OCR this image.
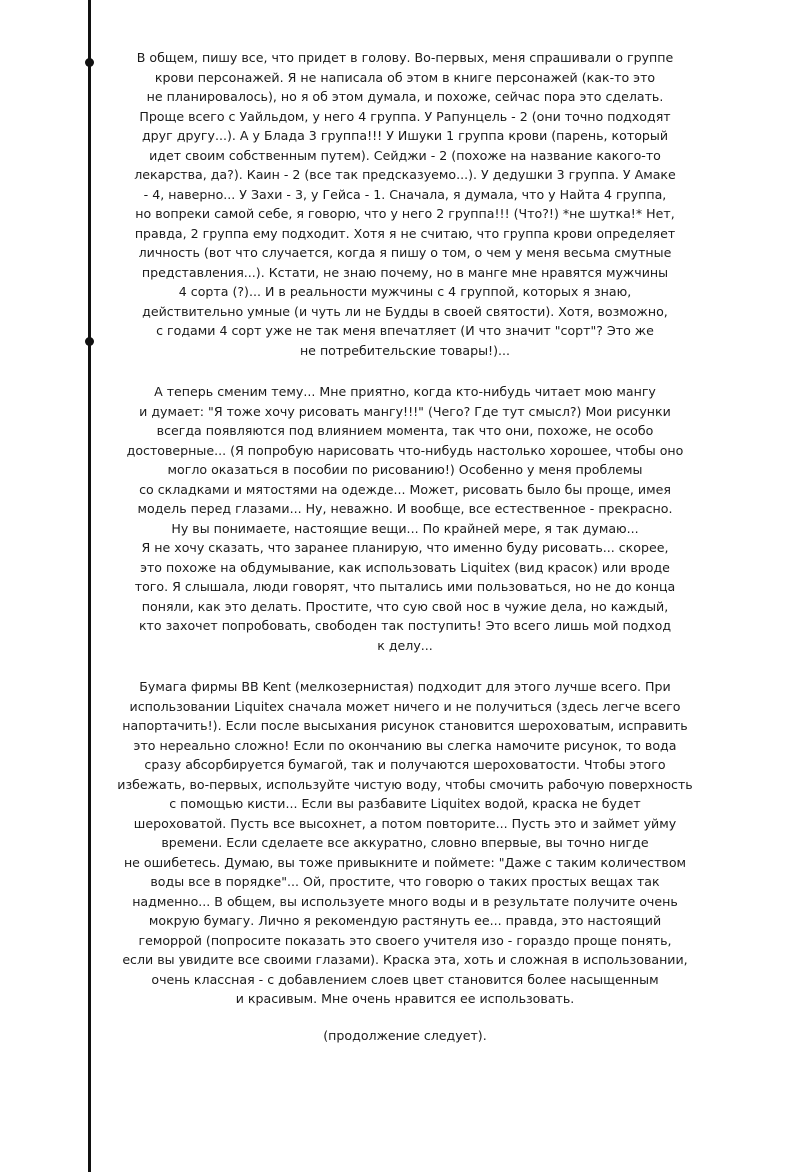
В общем, пишу все, что придет в голову. Во-первых, меня спрашивали о группе
крови персонажей. Я не написала об этом в книге персонажей (как-то это
не планировалось), но я об этом думала, и похоже, сейчас пора это сделать.
Проще всего с Уайльдом, у него 4 группа. У Рапунцель - 2 (они точно подходят
друг другу...). А у Блада 3 группа!!! У Ишуки 1 группа крови (парень, который
идет своим собственным путем). Сейджи - 2 (похоже на название какого-то
лекарства, да?). Каин - 2 (все так предсказуемо...). У дедушки 3 группа. У Амаке
- 4, наверно... У Захи - 3, у Гейса - 1. Сначала, я думала, что у Найта 4 группа,
но вопреки самой себе, я говорю, что у него 2 группа!!! (Что?!) *не шутка!* Нет,
правда, 2 группа ему подходит. Хотя я не считаю, что группа крови определяет
личность (вот что случается, когда я пишу о том, о чем у меня весьма смутные
представления...). Кстати, не знаю почему, но в манге мне нравятся мужчины
4 сорта (?)... И в реальности мужчины с 4 группой, которых я знаю,
действительно умные (и чуть ли не Будды в своей святости). Хотя, возможно,
с годами 4 сорт уже не так меня впечатляет (И что значит "сорт"? Это же
не потребительские товары!)...

А теперь сменим тему... Мне приятно, когда кто-нибудь читает мою мангу
и думает: "Я тоже хочу рисовать мангу!!!" (Чего? Где тут смысл?) Мои рисунки
всегда появляются под влиянием момента, так что они, похоже, не особо
достоверные... (Я попробую нарисовать что-нибудь настолько хорошее, чтобы оно
могло оказаться в пособии по рисованию!) Особенно у меня проблемы
со складками и мятостями на одежде... Может, рисовать было бы проще, имея
модель перед глазами... Ну, неважно. И вообще, все естественное - прекрасно.
Ну вы понимаете, настоящие вещи... По крайней мере, я так думаю...
Я не хочу сказать, что заранее планирую, что именно буду рисовать... скорее,
это похоже на обдумывание, как использовать Liquitex (вид красок) или вроде
того. Я слышала, люди говорят, что пытались ими пользоваться, но не до конца
поняли, как это делать. Простите, что сую свой нос в чужие дела, но каждый,
кто захочет попробовать, свободен так поступить! Это всего лишь мой подход
к делу...

Бумага фирмы BB Kent (мелкозернистая) подходит для этого лучше всего. При
использовании Liquitex сначала может ничего и не получиться (здесь легче всего
напортачить!). Если после высыхания рисунок становится шероховатым, исправить
это нереально сложно! Если по окончанию вы слегка намочите рисунок, то вода
сразу абсорбируется бумагой, так и получаются шероховатости. Чтобы этого
избежать, во-первых, используйте чистую воду, чтобы смочить рабочую поверхность
с помощью кисти... Если вы разбавите Liquitex водой, краска не будет
шероховатой. Пусть все высохнет, а потом повторите... Пусть это и займет уйму
времени. Если сделаете все аккуратно, словно впервые, вы точно нигде
не ошибетесь. Думаю, вы тоже привыкните и поймете: "Даже с таким количеством
воды все в порядке"... Ой, простите, что говорю о таких простых вещах так
надменно... В общем, вы используете много воды и в результате получите очень
мокрую бумагу. Лично я рекомендую растянуть ее... правда, это настоящий
геморрой (попросите показать это своего учителя изо - гораздо проще понять,
если вы увидите все своими глазами). Краска эта, хоть и сложная в использовании,
очень классная - с добавлением слоев цвет становится более насыщенным
и красивым. Мне очень нравится ее использовать.

(продолжение следует).
